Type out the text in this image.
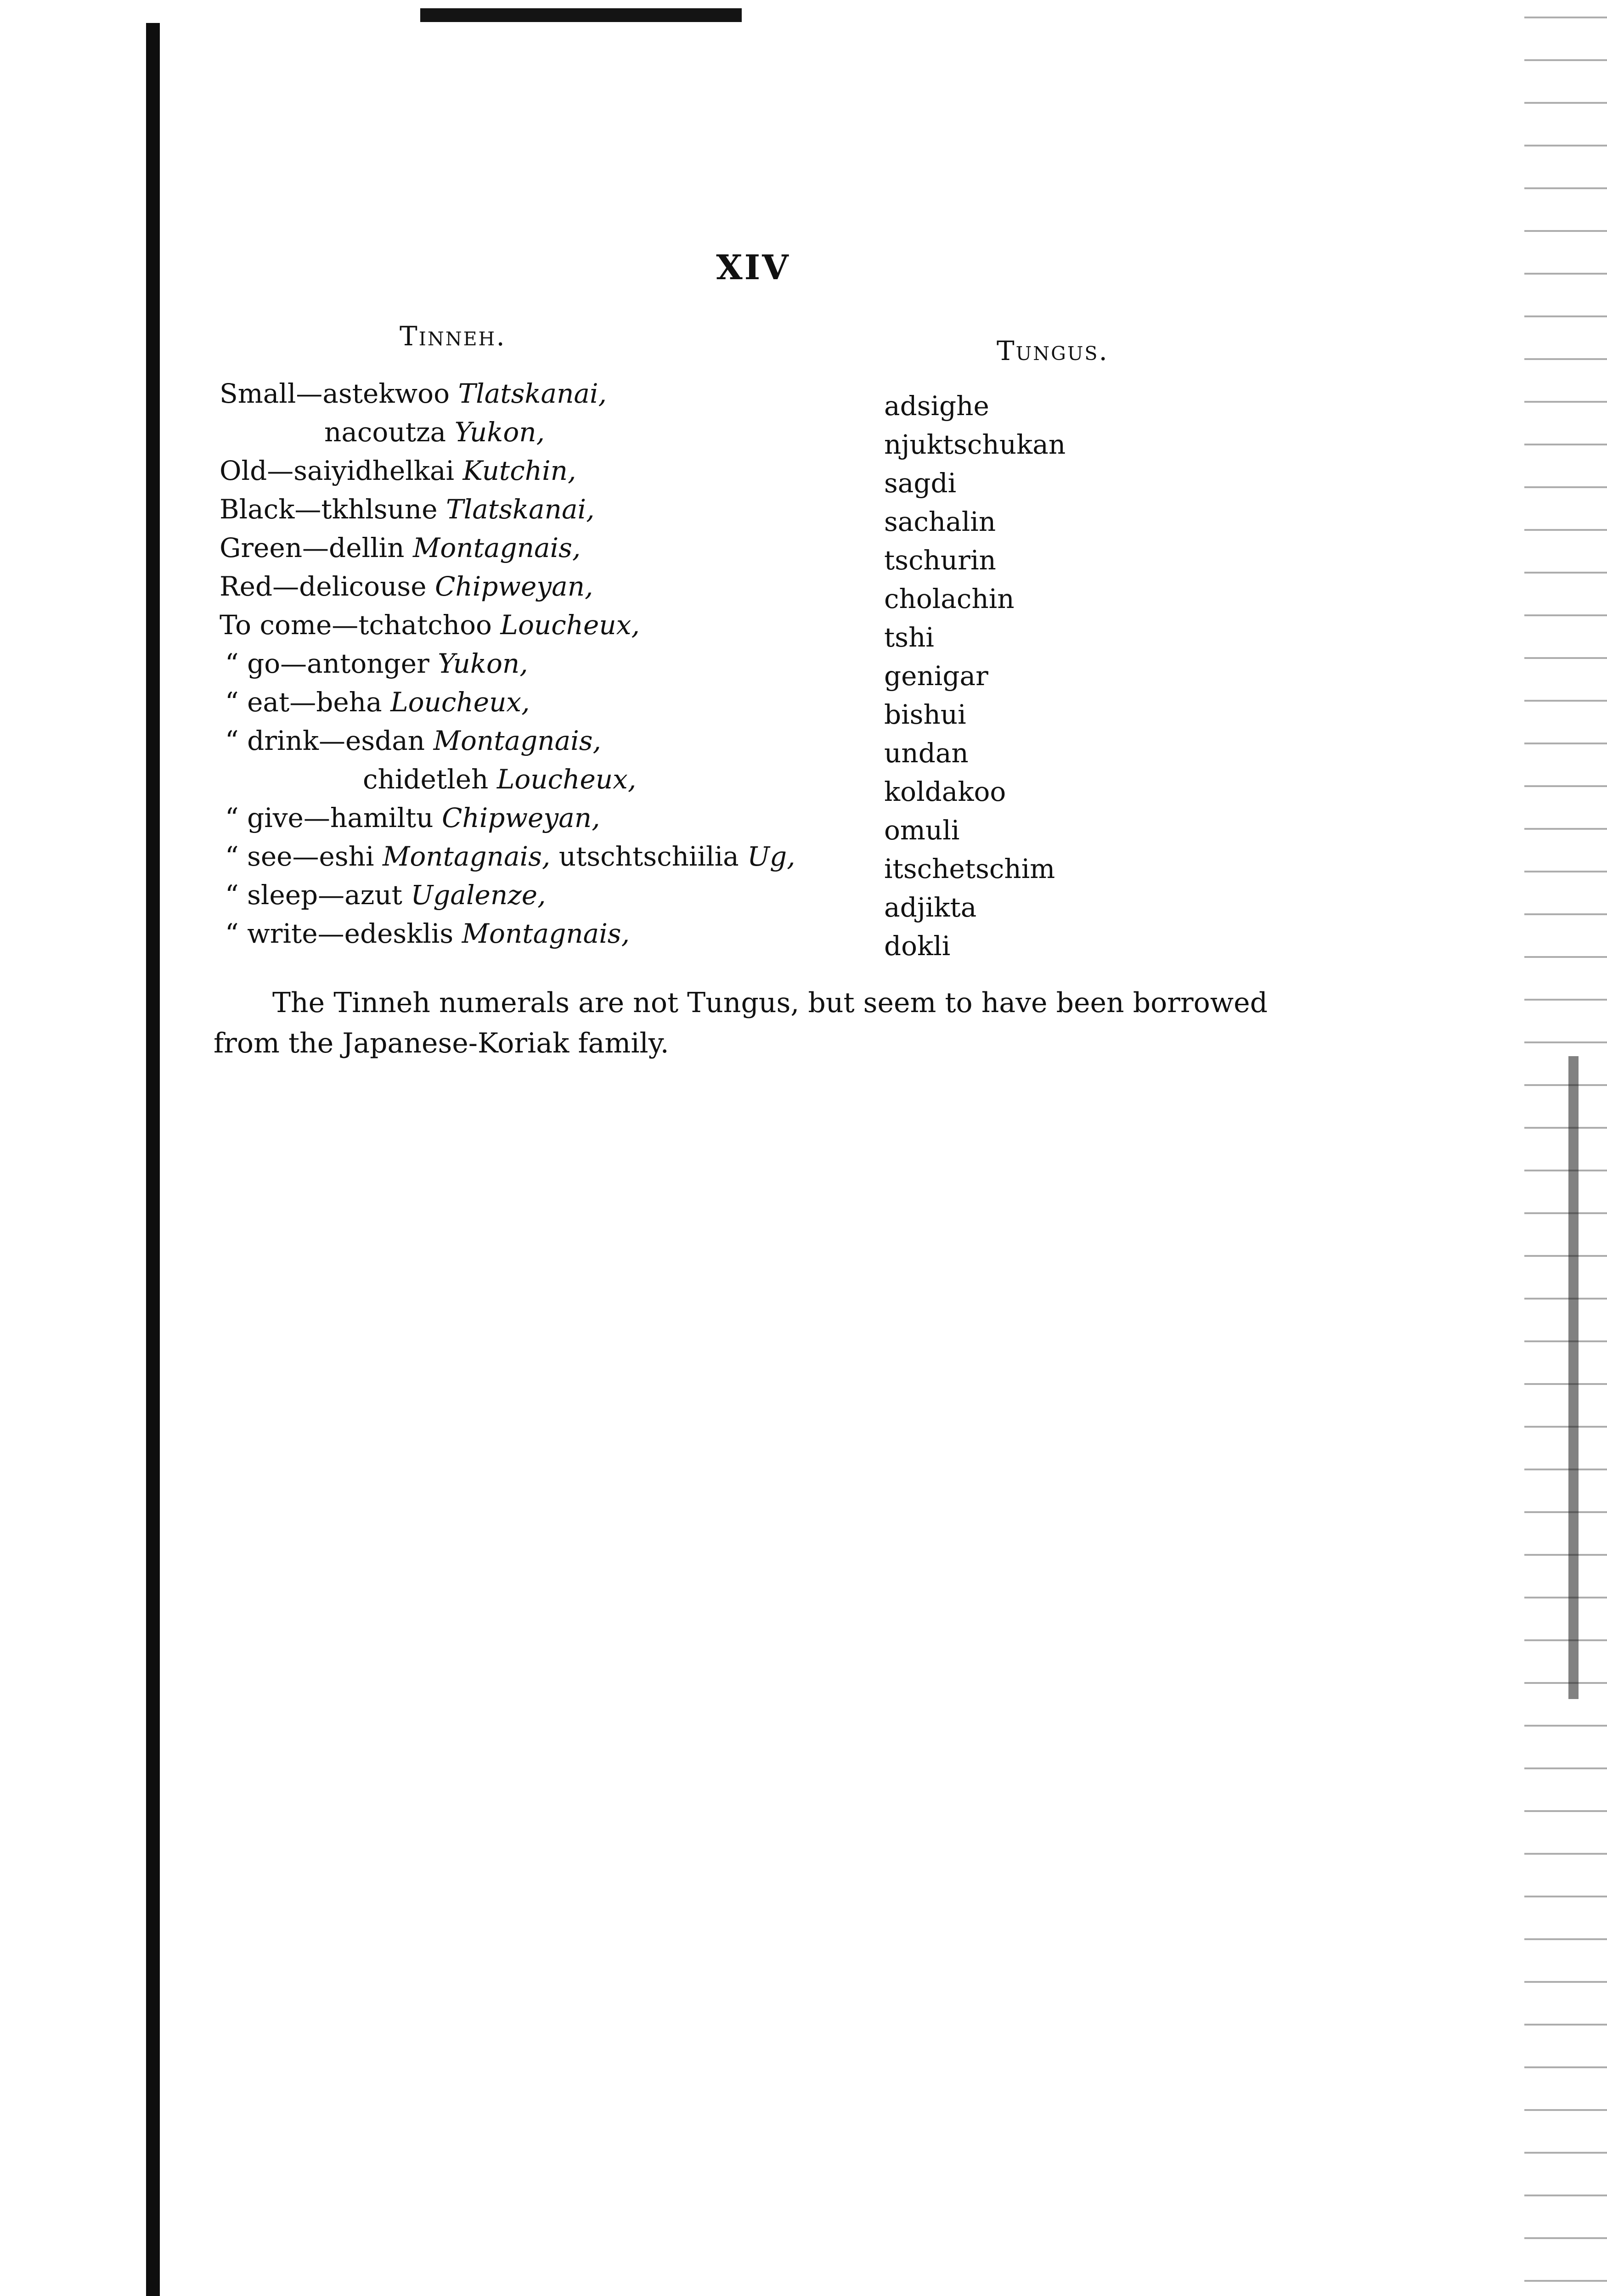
XIV
Tinneh.	Tungus.
Small—astekwoo Tlatskanai,
nacoutza Yukon,
Old—saiyidhelkai Kutchin,
Black—tkhlsune Tlatskanai,
Green—dellin Montagnais,
Red—delicouse Chipweyan,
To come—tchatchoo Loucheux,
“ go—antonger Yukon,
“ eat—beha Loucheux,
“ drink—esdan Montagnais,
chidetleh Loucheux,
“ give—hamiltu Chipweyan,
“ see—eshi Montagnais, utschtschiilia Ug,
“ sleep—azut Ugalenze,
“ write—edesklis Montagnais,
adsighe
njuktschukan
sagdi
sachalin
tschurin
cholachin
tshi
genigar
bishui
undan
koldakoo
omuli
itschetschim
adjikta
dokli

The Tinneh numerals are not Tungus, but seem to have been borrowed from the Japanese-Koriak family.
